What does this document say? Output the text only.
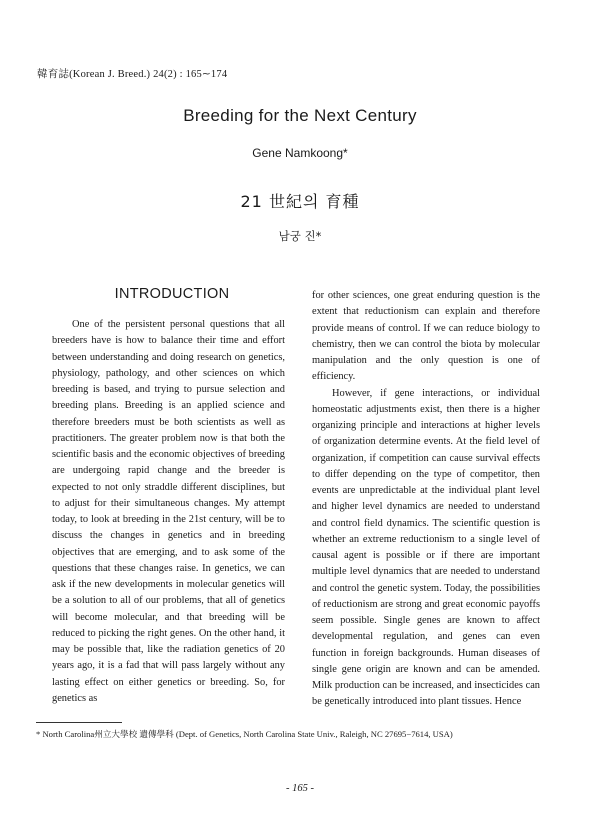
韓育誌(Korean J. Breed.) 24(2) : 165∼174
Breeding for the Next Century
Gene Namkoong*
21 世紀의 育種
남궁 진*
INTRODUCTION

One of the persistent personal questions that all breeders have is how to balance their time and effort between understanding and doing research on genetics, physiology, pathology, and other sciences on which breeding is based, and trying to pursue selection and breeding plans. Breeding is an applied science and therefore breeders must be both scientists as well as practitioners. The greater problem now is that both the scientific basis and the economic objectives of breeding are undergoing rapid change and the breeder is expected to not only straddle different disciplines, but to adjust for their simultaneous changes. My attempt today, to look at breeding in the 21st century, will be to discuss the changes in genetics and in breeding objectives that are emerging, and to ask some of the questions that these changes raise. In genetics, we can ask if the new developments in molecular genetics will be a solution to all of our problems, that all of genetics will become molecular, and that breeding will be reduced to picking the right genes. On the other hand, it may be possible that, like the radiation genetics of 20 years ago, it is a fad that will pass largely without any lasting effect on either genetics or breeding. So, for genetics as

for other sciences, one great enduring question is the extent that reductionism can explain and therefore provide means of control. If we can reduce biology to chemistry, then we can control the biota by molecular manipulation and the only question is one of efficiency.

However, if gene interactions, or individual homeostatic adjustments exist, then there is a higher organizing principle and interactions at higher levels of organization determine events. At the field level of organization, if competition can cause survival effects to differ depending on the type of competitor, then events are unpredictable at the individual plant level and higher level dynamics are needed to understand and control field dynamics. The scientific question is whether an extreme reductionism to a single level of causal agent is possible or if there are important multiple level dynamics that are needed to understand and control the genetic system. Today, the possibilities of reductionism are strong and great economic payoffs seem possible. Single genes are known to affect developmental regulation, and genes can even function in foreign backgrounds. Human diseases of single gene origin are known and can be amended. Milk production can be increased, and insecticides can be genetically introduced into plant tissues. Hence

* North Carolina州立大學校 遺傳學科 (Dept. of Genetics, North Carolina State Univ., Raleigh, NC 27695−7614, USA)
- 165 -
